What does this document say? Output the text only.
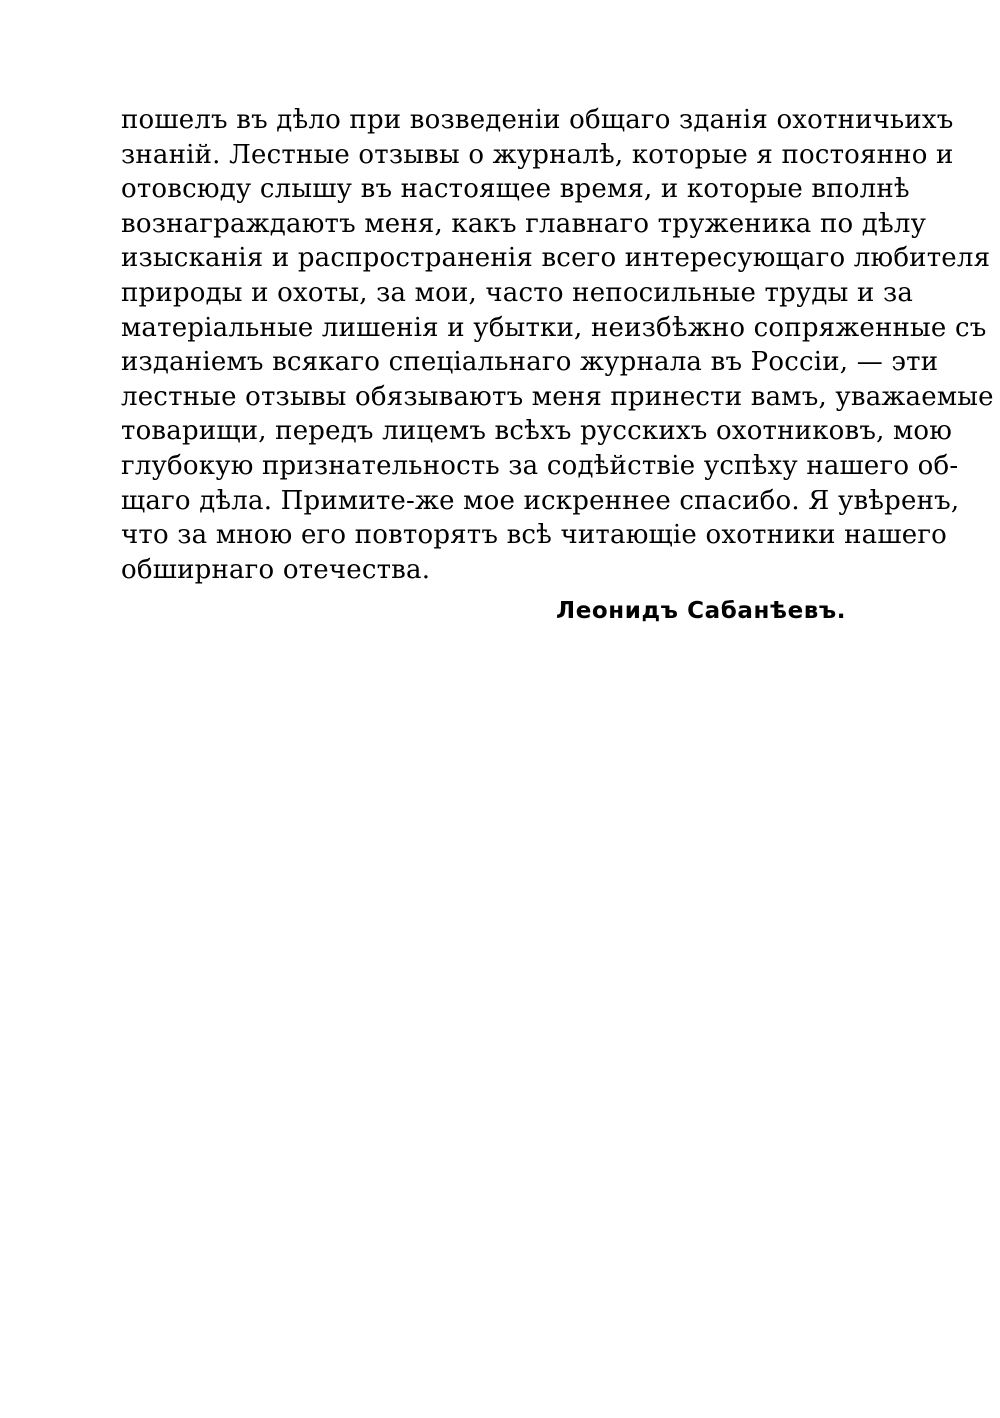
пошелъ въ дѣло при возведеніи общаго зданія охотничьихъ
знаній. Лестные отзывы о журналѣ, которые я постоянно и
отовсюду слышу въ настоящее время, и которые вполнѣ
вознаграждаютъ меня, какъ главнаго труженика по дѣлу
изысканія и распространенія всего интересующаго любителя
природы и охоты, за мои, часто непосильные труды и за
матеріальные лишенія и убытки, неизбѣжно сопряженные съ
изданіемъ всякаго спеціальнаго журнала въ Россіи, — эти
лестные отзывы обязываютъ меня принести вамъ, уважаемые
товарищи, передъ лицемъ всѣхъ русскихъ охотниковъ, мою
глубокую признательность за содѣйствіе успѣху нашего об-
щаго дѣла. Примите-же мое искреннее спасибо. Я увѣренъ,
что за мною его повторятъ всѣ читающіе охотники нашего
обширнаго отечества.
Леонидъ Сабанѣевъ.
